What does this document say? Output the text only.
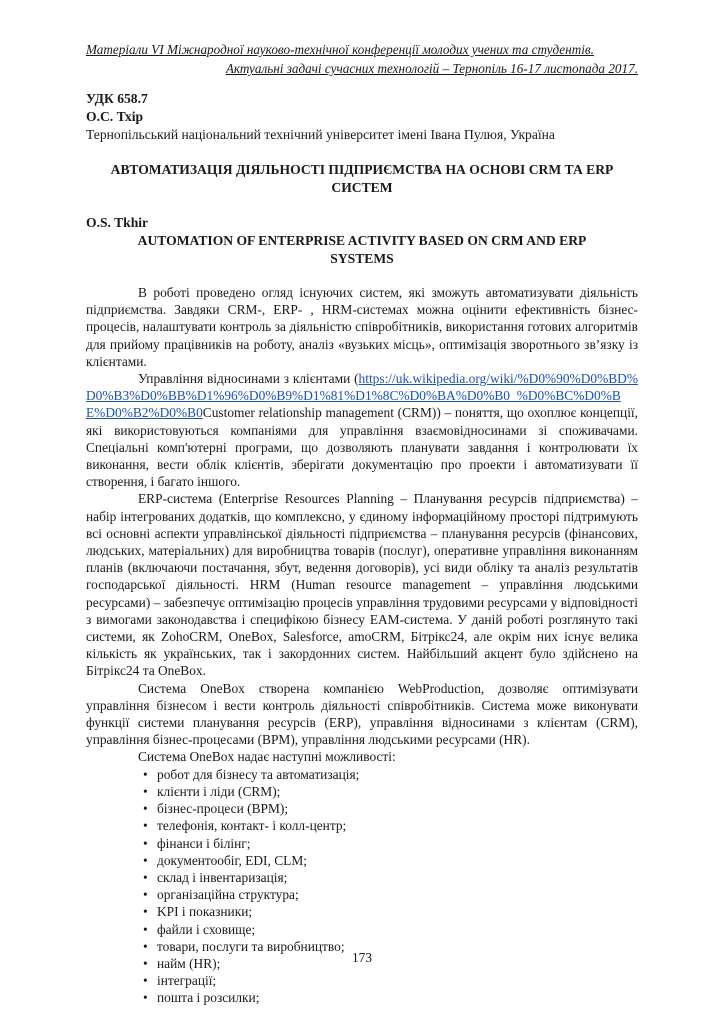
Матеріали VI Міжнародної науково-технічної конференції молодих учених та студентів.
Актуальні задачі сучасних технологій – Тернопіль 16-17 листопада 2017.
УДК 658.7
О.С. Тхір
Тернопільський національний технічний університет імені Івана Пулюя, Україна
АВТОМАТИЗАЦІЯ ДІЯЛЬНОСТІ ПІДПРИЄМСТВА НА ОСНОВІ CRM ТА ERP
СИСТЕМ
O.S. Tkhir
AUTOMATION OF ENTERPRISE ACTIVITY BASED ON CRM AND ERP
SYSTEMS

В роботі проведено огляд існуючих систем, які зможуть автоматизувати діяльність підприємства. Завдяки CRM-, ERP- , HRM-системах можна оцінити ефективність бізнес-процесів, налаштувати контроль за діяльністю співробітників, використання готових алгоритмів для прийому працівників на роботу, аналіз «вузьких місць», оптимізація зворотнього зв’язку із клієнтами.

Управління відносинами з клієнтами (https://uk.wikipedia.org/wiki/%D0%90%D0%BD%D0%B3%D0%BB%D1%96%D0%B9%D1%81%D1%8C%D0%BA%D0%B0_%D0%BC%D0%BE%D0%B2%D0%B0Customer relationship management (CRM)) – поняття, що охоплює концепції, які використовуються компаніями для управління взаємовідносинами зі споживачами. Спеціальні комп'ютерні програми, що дозволяють планувати завдання і контролювати їх виконання, вести облік клієнтів, зберігати документацію про проекти і автоматизувати її створення, і багато іншого.

ERP-система (Enterprise Resources Planning – Планування ресурсів підприємства) – набір інтегрованих додатків, що комплексно, у єдиному інформаційному просторі підтримують всі основні аспекти управлінської діяльності підприємства – планування ресурсів (фінансових, людських, матеріальних) для виробництва товарів (послуг), оперативне управління виконанням планів (включаючи постачання, збут, ведення договорів), усі види обліку та аналіз результатів господарської діяльності. HRM (Human resource management – управління людськими ресурсами) – забезпечує оптимізацію процесів управління трудовими ресурсами у відповідності з вимогами законодавства і специфікою бізнесу ЕАМ-система. У даній роботі розглянуто такі системи, як ZohoCRM, OneBox, Salesforce, amoCRM, Бітрікс24, але окрім них існує велика кількість як українських, так і закордонних систем. Найбільший акцент було здійснено на Бітрікс24 та OneBox.

Система OneBox створена компанією WebProduction, дозволяє оптимізувати управління бізнесом і вести контроль діяльності співробітників. Система може виконувати функції системи планування ресурсів (ERP), управління відносинами з клієнтам (CRM), управління бізнес-процесами (BPM), управління людськими ресурсами (HR).

Система OneBox надає наступні можливості:

• робот для бізнесу та автоматизація;
• клієнти і ліди (CRM);
• бізнес-процеси (BPM);
• телефонія, контакт- і колл-центр;
• фінанси і білінг;
• документообіг, EDI, CLM;
• склад і інвентаризація;
• організаційна структура;
• KPI і показники;
• файли і сховище;
• товари, послуги та виробництво;
• найм (HR);
• інтеграції;
• пошта і розсилки;
173
